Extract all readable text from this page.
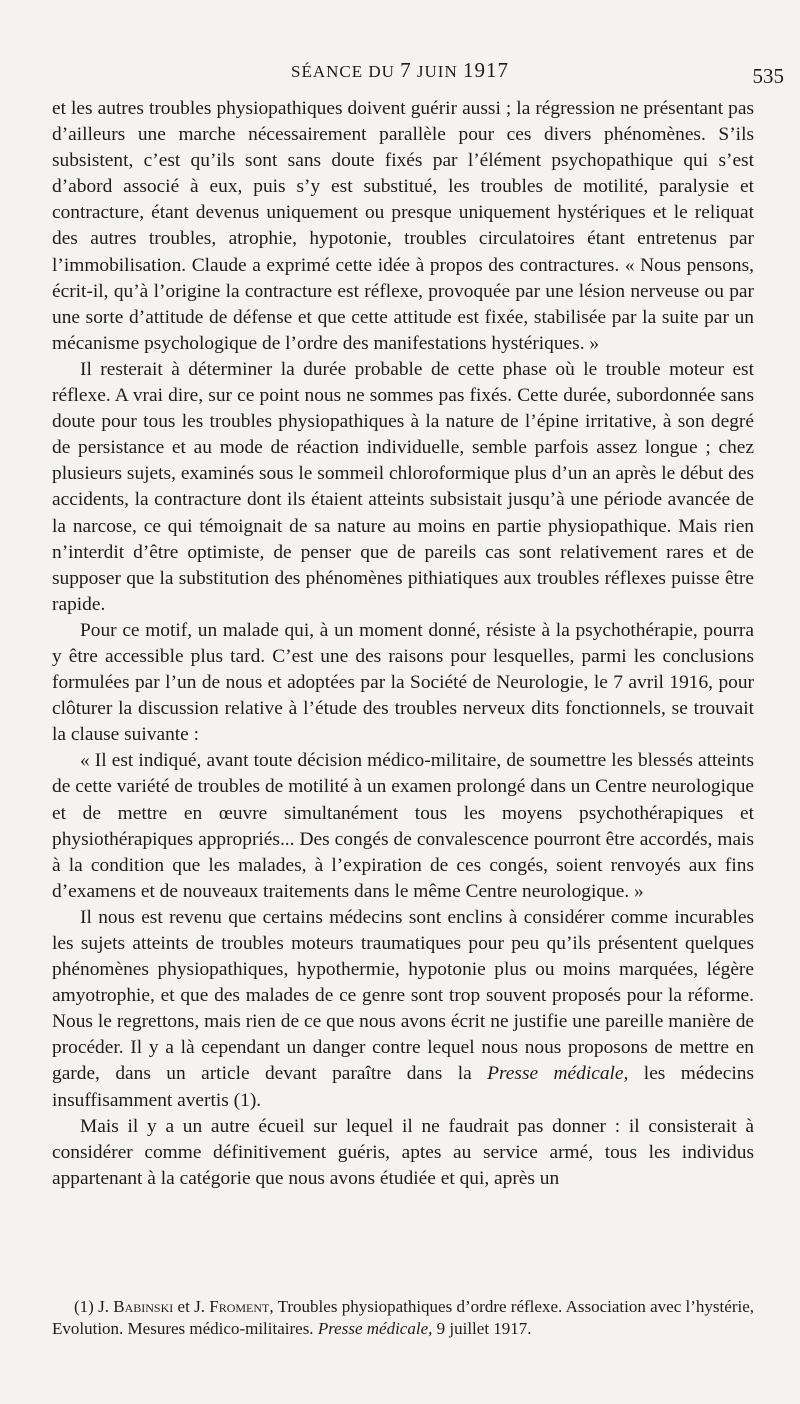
SÉANCE DU 7 JUIN 1917	535

et les autres troubles physiopathiques doivent guérir aussi ; la régression ne présentant pas d’ailleurs une marche nécessairement parallèle pour ces divers phénomènes. S’ils subsistent, c’est qu’ils sont sans doute fixés par l’élément psychopathique qui s’est d’abord associé à eux, puis s’y est substitué, les troubles de motilité, paralysie et contracture, étant devenus uniquement ou presque uniquement hystériques et le reliquat des autres troubles, atrophie, hypotonie, troubles circulatoires étant entretenus par l’immobilisation. Claude a exprimé cette idée à propos des contractures. « Nous pensons, écrit-il, qu’à l’origine la contracture est réflexe, provoquée par une lésion nerveuse ou par une sorte d’attitude de défense et que cette attitude est fixée, stabilisée par la suite par un mécanisme psychologique de l’ordre des manifestations hystériques. »

Il resterait à déterminer la durée probable de cette phase où le trouble moteur est réflexe. A vrai dire, sur ce point nous ne sommes pas fixés. Cette durée, subordonnée sans doute pour tous les troubles physiopathiques à la nature de l’épine irritative, à son degré de persistance et au mode de réaction individuelle, semble parfois assez longue ; chez plusieurs sujets, examinés sous le sommeil chloroformique plus d’un an après le début des accidents, la contracture dont ils étaient atteints subsistait jusqu’à une période avancée de la narcose, ce qui témoignait de sa nature au moins en partie physiopathique. Mais rien n’interdit d’être optimiste, de penser que de pareils cas sont relativement rares et de supposer que la substitution des phénomènes pithiatiques aux troubles réflexes puisse être rapide.

Pour ce motif, un malade qui, à un moment donné, résiste à la psychothérapie, pourra y être accessible plus tard. C’est une des raisons pour lesquelles, parmi les conclusions formulées par l’un de nous et adoptées par la Société de Neurologie, le 7 avril 1916, pour clôturer la discussion relative à l’étude des troubles nerveux dits fonctionnels, se trouvait la clause suivante :

« Il est indiqué, avant toute décision médico-militaire, de soumettre les blessés atteints de cette variété de troubles de motilité à un examen prolongé dans un Centre neurologique et de mettre en œuvre simultanément tous les moyens psychothérapiques et physiothérapiques appropriés... Des congés de convalescence pourront être accordés, mais à la condition que les malades, à l’expiration de ces congés, soient renvoyés aux fins d’examens et de nouveaux traitements dans le même Centre neurologique. »

Il nous est revenu que certains médecins sont enclins à considérer comme incurables les sujets atteints de troubles moteurs traumatiques pour peu qu’ils présentent quelques phénomènes physiopathiques, hypothermie, hypotonie plus ou moins marquées, légère amyotrophie, et que des malades de ce genre sont trop souvent proposés pour la réforme. Nous le regrettons, mais rien de ce que nous avons écrit ne justifie une pareille manière de procéder. Il y a là cependant un danger contre lequel nous nous proposons de mettre en garde, dans un article devant paraître dans la Presse médicale, les médecins insuffisamment avertis (1).

Mais il y a un autre écueil sur lequel il ne faudrait pas donner : il consisterait à considérer comme définitivement guéris, aptes au service armé, tous les individus appartenant à la catégorie que nous avons étudiée et qui, après un

(1) J. Babinski et J. Froment, Troubles physiopathiques d’ordre réflexe. Association avec l’hystérie, Evolution. Mesures médico-militaires. Presse médicale, 9 juillet 1917.
